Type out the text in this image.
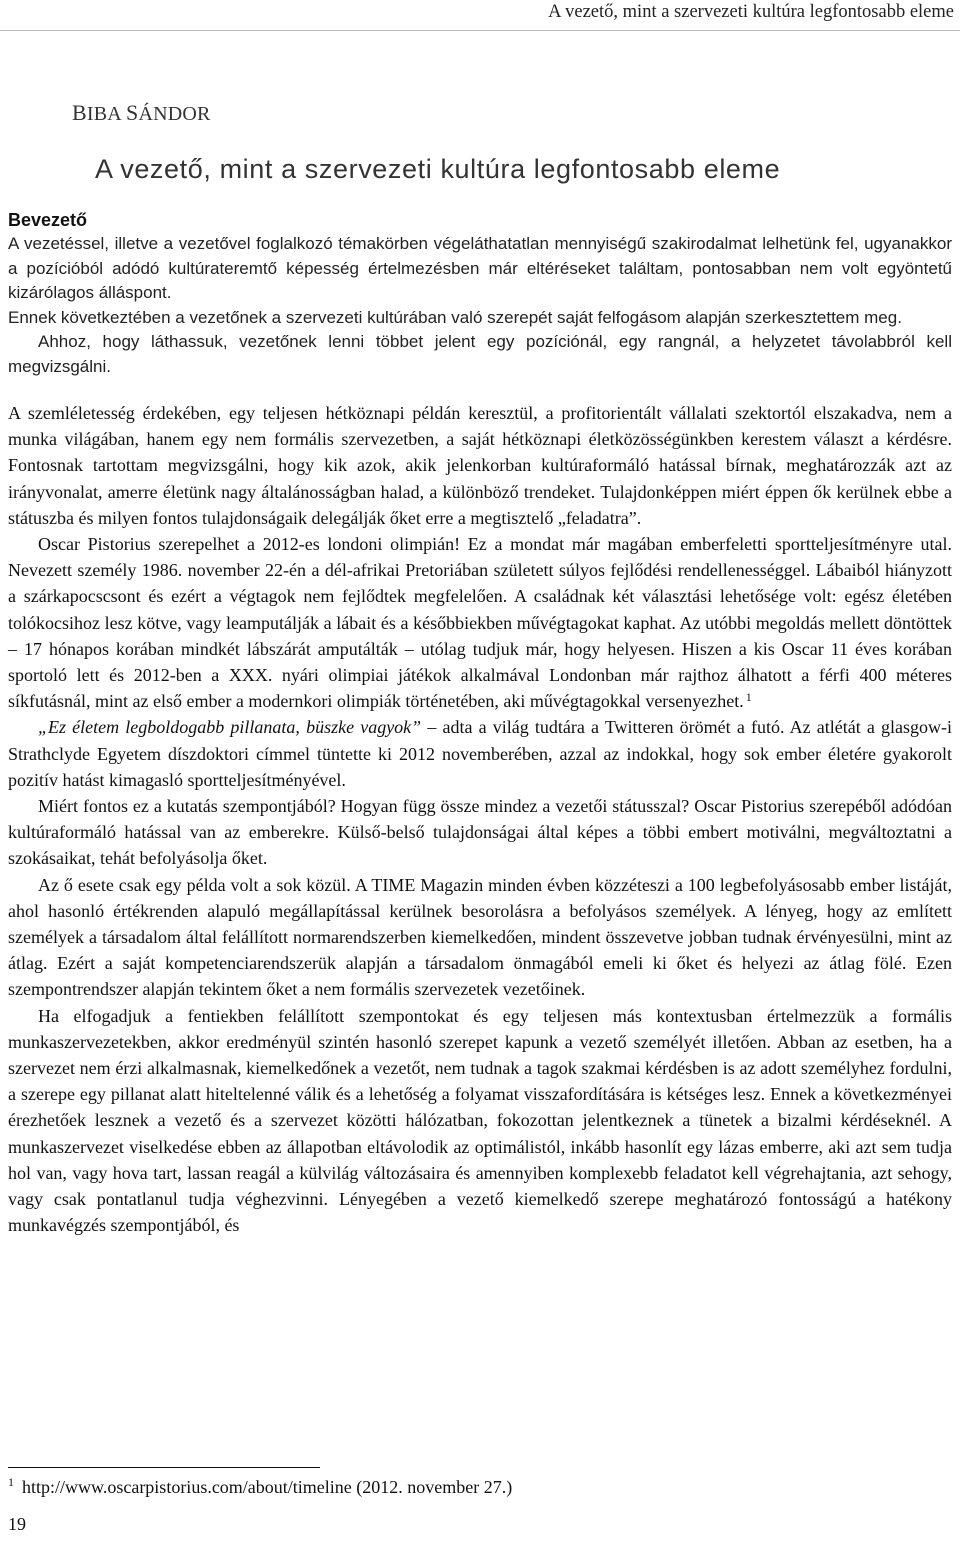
A vezető, mint a szervezeti kultúra legfontosabb eleme
BIBA SÁNDOR
A vezető, mint a szervezeti kultúra legfontosabb eleme
Bevezető

A vezetéssel, illetve a vezetővel foglalkozó témakörben végeláthatatlan mennyiségű szakirodalmat lelhetünk fel, ugyanakkor a pozícióból adódó kultúrateremtő képesség értelmezésben már eltéréseket találtam, pontosabban nem volt egyöntetű kizárólagos álláspont.

Ennek következtében a vezetőnek a szervezeti kultúrában való szerepét saját felfogásom alapján szerkesztettem meg.

Ahhoz, hogy láthassuk, vezetőnek lenni többet jelent egy pozíciónál, egy rangnál, a helyzetet távolabbról kell megvizsgálni.

A szemléletesség érdekében, egy teljesen hétköznapi példán keresztül, a profitorientált vállalati szektortól elszakadva, nem a munka világában, hanem egy nem formális szervezetben, a saját hétköznapi életközösségünkben kerestem választ a kérdésre. Fontosnak tartottam megvizsgálni, hogy kik azok, akik jelenkorban kultúraformáló hatással bírnak, meghatározzák azt az irányvonalat, amerre életünk nagy általánosságban halad, a különböző trendeket. Tulajdonképpen miért éppen ők kerülnek ebbe a státuszba és milyen fontos tulajdonságaik delegálják őket erre a megtisztelő „feladatra”.

Oscar Pistorius szerepelhet a 2012-es londoni olimpián! Ez a mondat már magában emberfeletti sportteljesítményre utal. Nevezett személy 1986. november 22-én a dél-afrikai Pretoriában született súlyos fejlődési rendellenességgel. Lábaiból hiányzott a szárkapocscsont és ezért a végtagok nem fejlődtek megfelelően. A családnak két választási lehetősége volt: egész életében tolókocsihoz lesz kötve, vagy leamputálják a lábait és a későbbiekben művégtagokat kaphat. Az utóbbi megoldás mellett döntöttek ‒ 17 hónapos korában mindkét lábszárát amputálták ‒ utólag tudjuk már, hogy helyesen. Hiszen a kis Oscar 11 éves korában sportoló lett és 2012-ben a XXX. nyári olimpiai játékok alkalmával Londonban már rajthoz álhatott a férfi 400 méteres síkfutásnál, mint az első ember a modernkori olimpiák történetében, aki művégtagokkal versenyezhet. $^1$

„Ez életem legboldogabb pillanata, büszke vagyok” ‒ adta a világ tudtára a Twitteren örömét a futó. Az atlétát a glasgow-i Strathclyde Egyetem díszdoktori címmel tüntette ki 2012 novemberében, azzal az indokkal, hogy sok ember életére gyakorolt pozitív hatást kimagasló sportteljesítményével.

Miért fontos ez a kutatás szempontjából? Hogyan függ össze mindez a vezetői státusszal? Oscar Pistorius szerepéből adódóan kultúraformáló hatással van az emberekre. Külső-belső tulajdonságai által képes a többi embert motiválni, megváltoztatni a szokásaikat, tehát befolyásolja őket.

Az ő esete csak egy példa volt a sok közül. A TIME Magazin minden évben közzéteszi a 100 legbefolyásosabb ember listáját, ahol hasonló értékrenden alapuló megállapítással kerülnek besorolásra a befolyásos személyek. A lényeg, hogy az említett személyek a társadalom által felállított normarendszerben kiemelkedően, mindent összevetve jobban tudnak érvényesülni, mint az átlag. Ezért a saját kompetenciarendszerük alapján a társadalom önmagából emeli ki őket és helyezi az átlag fölé. Ezen szempontrendszer alapján tekintem őket a nem formális szervezetek vezetőinek.

Ha elfogadjuk a fentiekben felállított szempontokat és egy teljesen más kontextusban értelmezzük a formális munkaszervezetekben, akkor eredményül szintén hasonló szerepet kapunk a vezető személyét illetően. Abban az esetben, ha a szervezet nem érzi alkalmasnak, kiemelkedőnek a vezetőt, nem tudnak a tagok szakmai kérdésben is az adott személyhez fordulni, a szerepe egy pillanat alatt hiteltelenné válik és a lehetőség a folyamat visszafordítására is kétséges lesz. Ennek a következményei érezhetőek lesznek a vezető és a szervezet közötti hálózatban, fokozottan jelentkeznek a tünetek a bizalmi kérdéseknél. A munkaszervezet viselkedése ebben az állapotban eltávolodik az optimálistól, inkább hasonlít egy lázas emberre, aki azt sem tudja hol van, vagy hova tart, lassan reagál a külvilág változásaira és amennyiben komplexebb feladatot kell végrehajtania, azt sehogy, vagy csak pontatlanul tudja véghezvinni. Lényegében a vezető kiemelkedő szerepe meghatározó fontosságú a hatékony munkavégzés szempontjából, és

$^1$ http://www.oscarpistorius.com/about/timeline (2012. november 27.)
19
